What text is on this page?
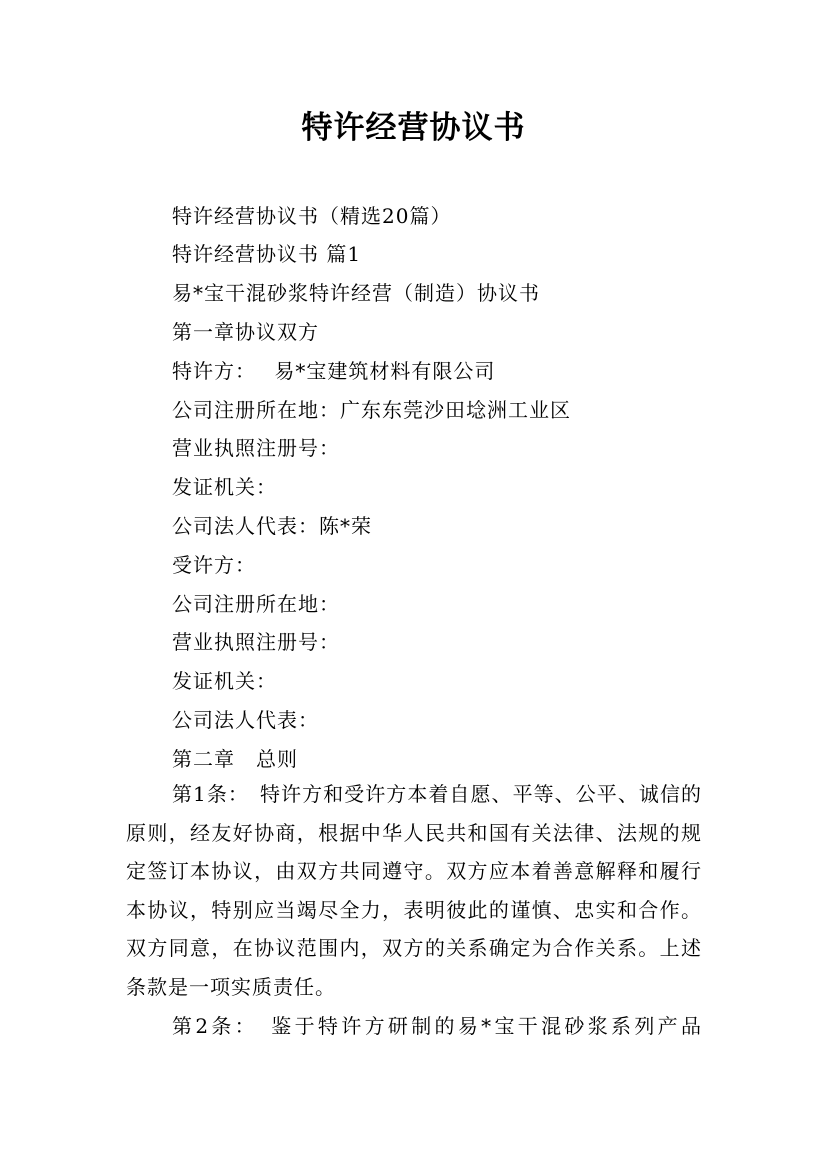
特许经营协议书
特许经营协议书（精选20篇）
特许经营协议书 篇1
易*宝干混砂浆特许经营（制造）协议书
第一章协议双方
特许方：　 易*宝建筑材料有限公司
公司注册所在地：广东东莞沙田埝洲工业区
营业执照注册号：
发证机关：
公司法人代表：陈*荣
受许方：
公司注册所在地：
营业执照注册号：
发证机关：
公司法人代表：
第二章　总则
第1条：　特许方和受许方本着自愿、平等、公平、诚信的原则，经友好协商，根据中华人民共和国有关法律、法规的规定签订本协议，由双方共同遵守。双方应本着善意解释和履行本协议，特别应当竭尽全力，表明彼此的谨慎、忠实和合作。双方同意，在协议范围内，双方的关系确定为合作关系。上述条款是一项实质责任。
第2条：　鉴于特许方研制的易*宝干混砂浆系列产品
